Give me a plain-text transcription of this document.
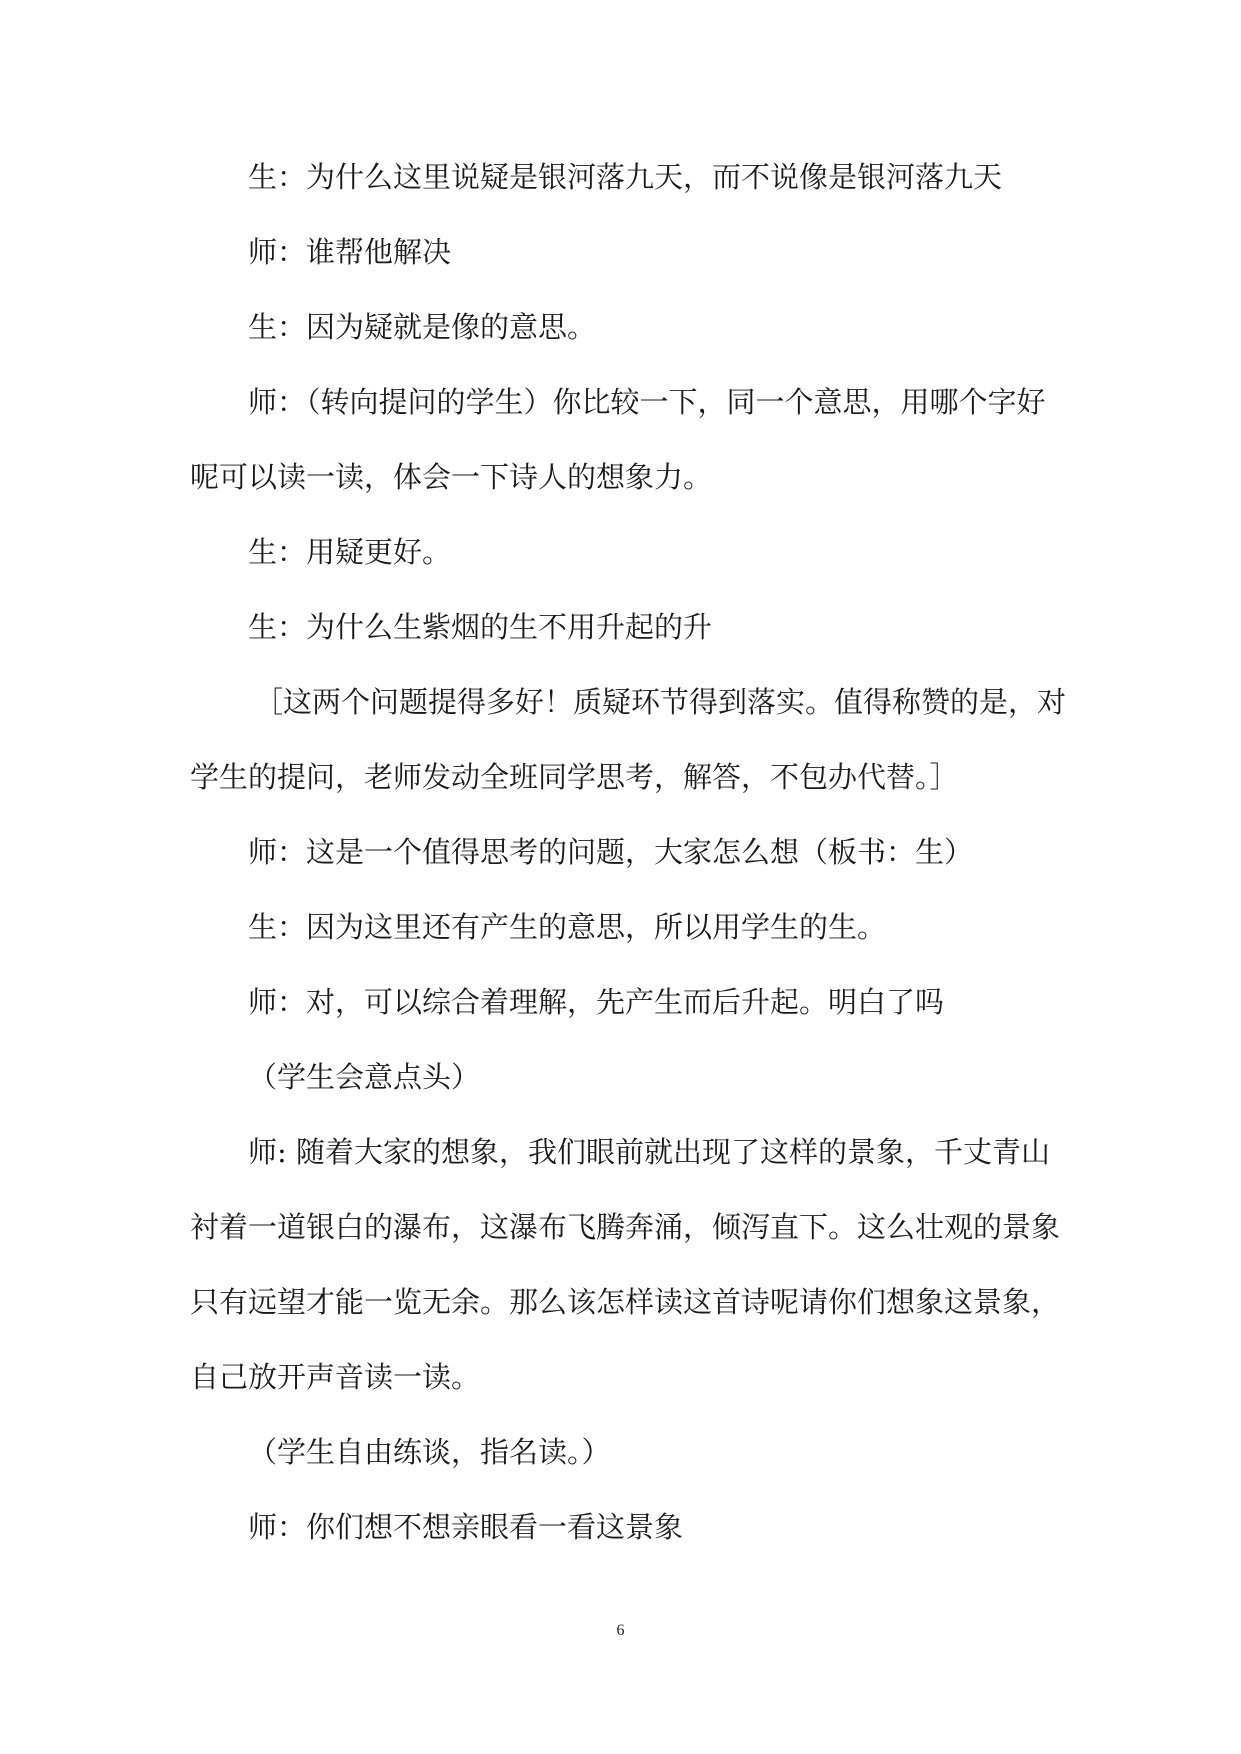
生：为什么这里说疑是银河落九天，而不说像是银河落九天

师：谁帮他解决

生：因为疑就是像的意思。

师：（转向提问的学生）你比较一下，同一个意思，用哪个字好呢可以读一读，体会一下诗人的想象力。

生：用疑更好。

生：为什么生紫烟的生不用升起的升

［这两个问题提得多好！质疑环节得到落实。值得称赞的是，对学生的提问，老师发动全班同学思考，解答，不包办代替。］

师：这是一个值得思考的问题，大家怎么想（板书：生）

生：因为这里还有产生的意思，所以用学生的生。

师：对，可以综合着理解，先产生而后升起。明白了吗

（学生会意点头）

师: 随着大家的想象，我们眼前就出现了这样的景象，千丈青山衬着一道银白的瀑布，这瀑布飞腾奔涌，倾泻直下。这么壮观的景象只有远望才能一览无余。那么该怎样读这首诗呢请你们想象这景象，自己放开声音读一读。

（学生自由练谈，指名读。）

师：你们想不想亲眼看一看这景象

6
